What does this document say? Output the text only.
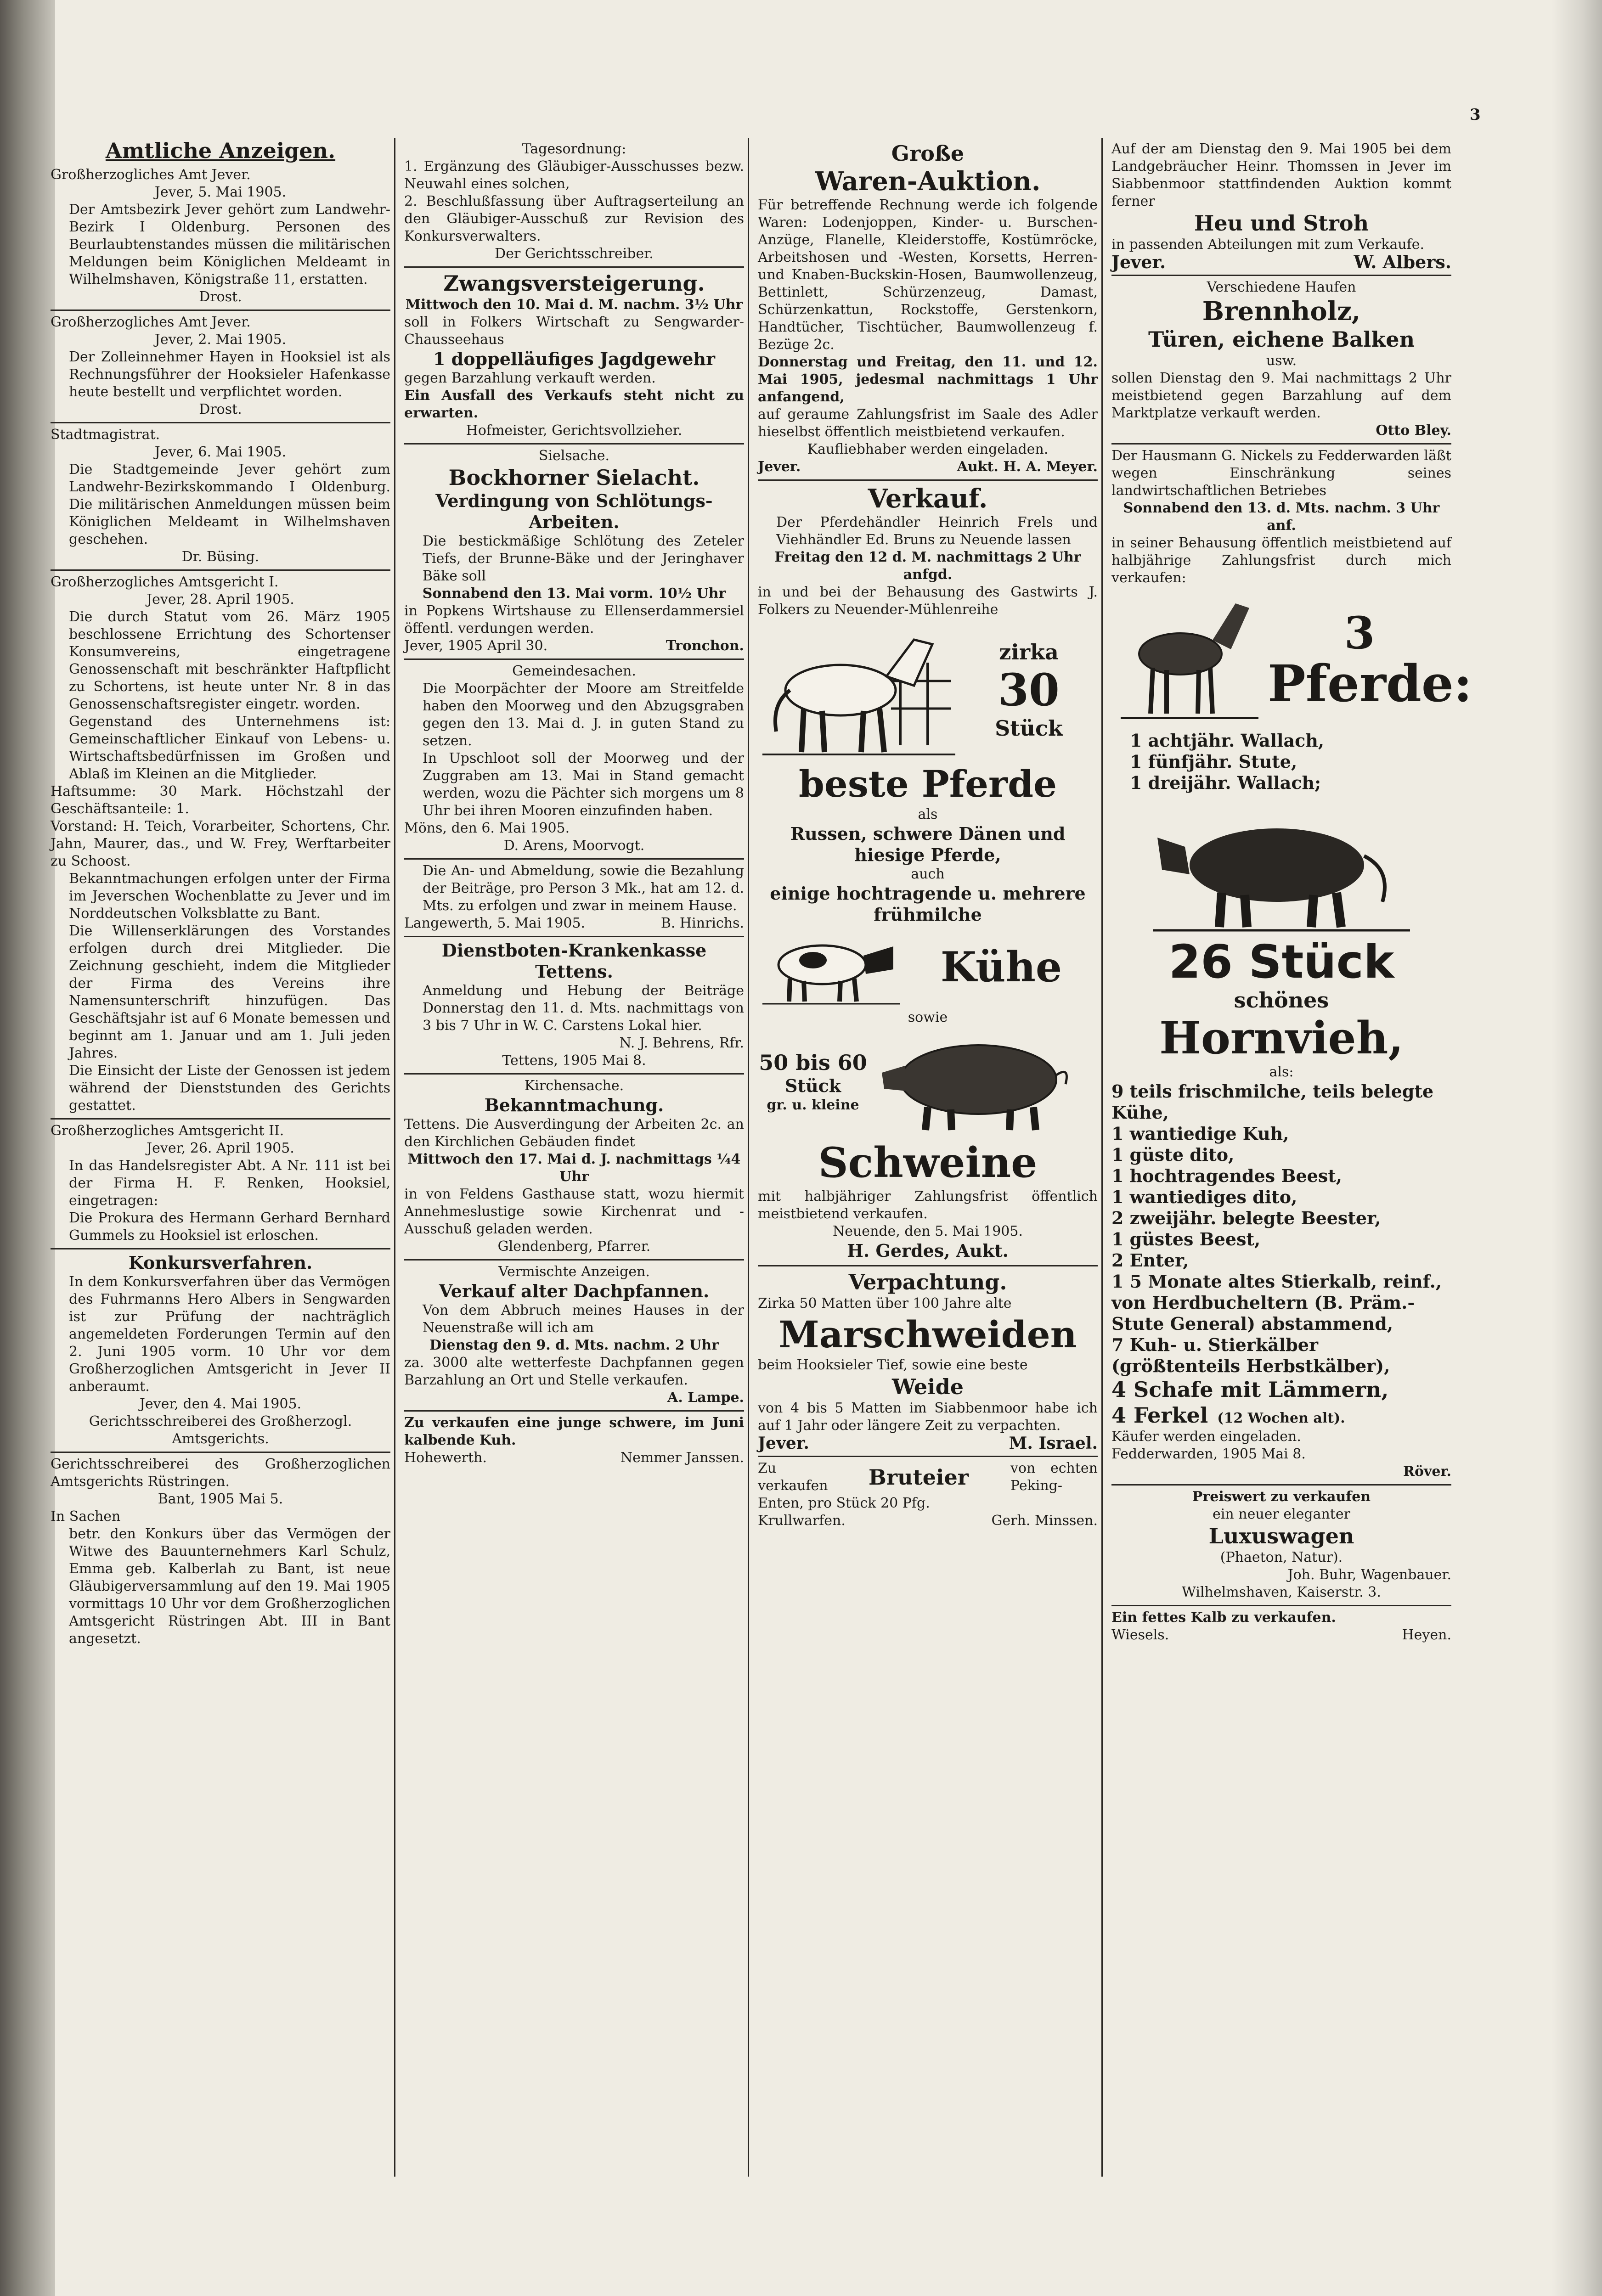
3
Amtliche Anzeigen.
Großherzogliches Amt Jever.
Jever, 5. Mai 1905.
Der Amtsbezirk Jever gehört zum Landwehr-Bezirk I Oldenburg. Personen des Beurlaubtenstandes müssen die militärischen Meldungen beim Königlichen Meldeamt in Wilhelmshaven, Königstraße 11, erstatten.
Drost.
Großherzogliches Amt Jever.
Jever, 2. Mai 1905.
Der Zolleinnehmer Hayen in Hooksiel ist als Rechnungsführer der Hooksieler Hafenkasse heute bestellt und verpflichtet worden.
Drost.
Stadtmagistrat.
Jever, 6. Mai 1905.
Die Stadtgemeinde Jever gehört zum Landwehr-Bezirkskommando I Oldenburg. Die militärischen Anmeldungen müssen beim Königlichen Meldeamt in Wilhelmshaven geschehen.
Dr. Büsing.
Großherzogliches Amtsgericht I.
Jever, 28. April 1905.
Die durch Statut vom 26. März 1905 beschlossene Errichtung des Schortenser Konsumvereins, eingetragene Genossenschaft mit beschränkter Haftpflicht zu Schortens, ist heute unter Nr. 8 in das Genossenschaftsregister eingetr. worden.
Gegenstand des Unternehmens ist: Gemeinschaftlicher Einkauf von Lebens- u. Wirtschaftsbedürfnissen im Großen und Ablaß im Kleinen an die Mitglieder.
Haftsumme: 30 Mark. Höchstzahl der Geschäftsanteile: 1.
Vorstand: H. Teich, Vorarbeiter, Schortens, Chr. Jahn, Maurer, das., und W. Frey, Werftarbeiter zu Schoost.
Bekanntmachungen erfolgen unter der Firma im Jeverschen Wochenblatte zu Jever und im Norddeutschen Volksblatte zu Bant.
Die Willenserklärungen des Vorstandes erfolgen durch drei Mitglieder. Die Zeichnung geschieht, indem die Mitglieder der Firma des Vereins ihre Namensunterschrift hinzufügen. Das Geschäftsjahr ist auf 6 Monate bemessen und beginnt am 1. Januar und am 1. Juli jeden Jahres.
Die Einsicht der Liste der Genossen ist jedem während der Dienststunden des Gerichts gestattet.
Großherzogliches Amtsgericht II.
Jever, 26. April 1905.
In das Handelsregister Abt. A Nr. 111 ist bei der Firma H. F. Renken, Hooksiel, eingetragen:
Die Prokura des Hermann Gerhard Bernhard Gummels zu Hooksiel ist erloschen.
Konkursverfahren.
In dem Konkursverfahren über das Vermögen des Fuhrmanns Hero Albers in Sengwarden ist zur Prüfung der nachträglich angemeldeten Forderungen Termin auf den 2. Juni 1905 vorm. 10 Uhr vor dem Großherzoglichen Amtsgericht in Jever II anberaumt.
Jever, den 4. Mai 1905.
Gerichtsschreiberei des Großherzogl. Amtsgerichts.
Gerichtsschreiberei des Großherzoglichen Amtsgerichts Rüstringen.
Bant, 1905 Mai 5.
In Sachen
betr. den Konkurs über das Vermögen der Witwe des Bauunternehmers Karl Schulz, Emma geb. Kalberlah zu Bant, ist neue Gläubigerversammlung auf den 19. Mai 1905 vormittags 10 Uhr vor dem Großherzoglichen Amtsgericht Rüstringen Abt. III in Bant angesetzt.
Tagesordnung:
1. Ergänzung des Gläubiger-Ausschusses bezw. Neuwahl eines solchen,
2. Beschlußfassung über Auftragserteilung an den Gläubiger-Ausschuß zur Revision des Konkursverwalters.
Der Gerichtsschreiber.
Zwangsversteigerung.
Mittwoch den 10. Mai d. M. nachm. 3½ Uhr
soll in Folkers Wirtschaft zu Sengwarder-Chausseehaus
1 doppelläufiges Jagdgewehr
gegen Barzahlung verkauft werden.
Ein Ausfall des Verkaufs steht nicht zu erwarten.
Hofmeister, Gerichtsvollzieher.
Sielsache.
Bockhorner Sielacht.
Verdingung von Schlötungs-Arbeiten.
Die bestickmäßige Schlötung des Zeteler Tiefs, der Brunne-Bäke und der Jeringhaver Bäke soll
Sonnabend den 13. Mai vorm. 10½ Uhr
in Popkens Wirtshause zu Ellenserdammersiel öffentl. verdungen werden.
Jever, 1905 April 30.	Tronchon.
Gemeindesachen.
Die Moorpächter der Moore am Streitfelde haben den Moorweg und den Abzugsgraben gegen den 13. Mai d. J. in guten Stand zu setzen.
In Upschloot soll der Moorweg und der Zuggraben am 13. Mai in Stand gemacht werden, wozu die Pächter sich morgens um 8 Uhr bei ihren Mooren einzufinden haben.
Möns, den 6. Mai 1905.
D. Arens, Moorvogt.
Die An- und Abmeldung, sowie die Bezahlung der Beiträge, pro Person 3 Mk., hat am 12. d. Mts. zu erfolgen und zwar in meinem Hause.
Langewerth, 5. Mai 1905.	B. Hinrichs.
Dienstboten-Krankenkasse Tettens.
Anmeldung und Hebung der Beiträge Donnerstag den 11. d. Mts. nachmittags von 3 bis 7 Uhr in W. C. Carstens Lokal hier.
N. J. Behrens, Rfr.
Tettens, 1905 Mai 8.
Kirchensache.
Bekanntmachung.
Tettens. Die Ausverdingung der Arbeiten 2c. an den Kirchlichen Gebäuden findet
Mittwoch den 17. Mai d. J. nachmittags ¼4 Uhr
in von Feldens Gasthause statt, wozu hiermit Annehmeslustige sowie Kirchenrat und -Ausschuß geladen werden.
Glendenberg, Pfarrer.
Vermischte Anzeigen.
Verkauf alter Dachpfannen.
Von dem Abbruch meines Hauses in der Neuenstraße will ich am
Dienstag den 9. d. Mts. nachm. 2 Uhr
za. 3000 alte wetterfeste Dachpfannen gegen Barzahlung an Ort und Stelle verkaufen.
A. Lampe.
Zu verkaufen eine junge schwere, im Juni kalbende Kuh.
Hohewerth.	Nemmer Janssen.
Große
Waren-Auktion.
Für betreffende Rechnung werde ich folgende Waren: Lodenjoppen, Kinder- u. Burschen-Anzüge, Flanelle, Kleiderstoffe, Kostümröcke, Arbeitshosen und -Westen, Korsetts, Herren- und Knaben-Buckskin-Hosen, Baumwollenzeug, Bettinlett, Schürzenzeug, Damast, Schürzenkattun, Rockstoffe, Gerstenkorn, Handtücher, Tischtücher, Baumwollenzeug f. Bezüge 2c.
Donnerstag und Freitag, den 11. und 12. Mai 1905, jedesmal nachmittags 1 Uhr anfangend,
auf geraume Zahlungsfrist im Saale des Adler hieselbst öffentlich meistbietend verkaufen.
Kaufliebhaber werden eingeladen.
Jever.	Aukt. H. A. Meyer.
Verkauf.
Der Pferdehändler Heinrich Frels und Viehhändler Ed. Bruns zu Neuende lassen
Freitag den 12 d. M. nachmittags 2 Uhr anfgd.
in und bei der Behausung des Gastwirts J. Folkers zu Neuender-Mühlenreihe
zirka
30
Stück
beste Pferde
als
Russen, schwere Dänen und hiesige Pferde,
auch
einige hochtragende u. mehrere frühmilche
Kühe
sowie
50 bis 60
Stück
gr. u. kleine
Schweine
mit halbjähriger Zahlungsfrist öffentlich meistbietend verkaufen.
Neuende, den 5. Mai 1905.
H. Gerdes, Aukt.
Verpachtung.
Zirka 50 Matten über 100 Jahre alte
Marschweiden
beim Hooksieler Tief, sowie eine beste
Weide
von 4 bis 5 Matten im Siabbenmoor habe ich auf 1 Jahr oder längere Zeit zu verpachten.
Jever.	M. Israel.
Zu verkaufen Bruteier	von echten Peking-
Enten, pro Stück 20 Pfg.
Krullwarfen.	Gerh. Minssen.
Auf der am Dienstag den 9. Mai 1905 bei dem Landgebräucher Heinr. Thomssen in Jever im Siabbenmoor stattfindenden Auktion kommt ferner
Heu und Stroh
in passenden Abteilungen mit zum Verkaufe.
Jever.	W. Albers.
Verschiedene Haufen
Brennholz,
Türen, eichene Balken
usw.
sollen Dienstag den 9. Mai nachmittags 2 Uhr meistbietend gegen Barzahlung auf dem Marktplatze verkauft werden.
Otto Bley.
Der Hausmann G. Nickels zu Fedderwarden läßt wegen Einschränkung seines landwirtschaftlichen Betriebes
Sonnabend den 13. d. Mts. nachm. 3 Uhr anf.
in seiner Behausung öffentlich meistbietend auf halbjährige Zahlungsfrist durch mich verkaufen:
3
Pferde:
1 achtjähr. Wallach,
1 fünfjähr. Stute,
1 dreijähr. Wallach;
26 Stück
schönes
Hornvieh,
als:
9 teils frischmilche, teils belegte Kühe,
1 wantiedige Kuh,
1 güste dito,
1 hochtragendes Beest,
1 wantiediges dito,
2 zweijähr. belegte Beester,
1 güstes Beest,
2 Enter,
1 5 Monate altes Stierkalb, reinf., von Herdbucheltern (B. Präm.-Stute General) abstammend,
7 Kuh- u. Stierkälber (größtenteils Herbstkälber),
4 Schafe mit Lämmern,
4 Ferkel (12 Wochen alt).
Käufer werden eingeladen.
Fedderwarden, 1905 Mai 8.
Röver.
Preiswert zu verkaufen
ein neuer eleganter
Luxuswagen
(Phaeton, Natur).
Joh. Buhr, Wagenbauer.
Wilhelmshaven, Kaiserstr. 3.
Ein fettes Kalb zu verkaufen.
Wiesels.	Heyen.
